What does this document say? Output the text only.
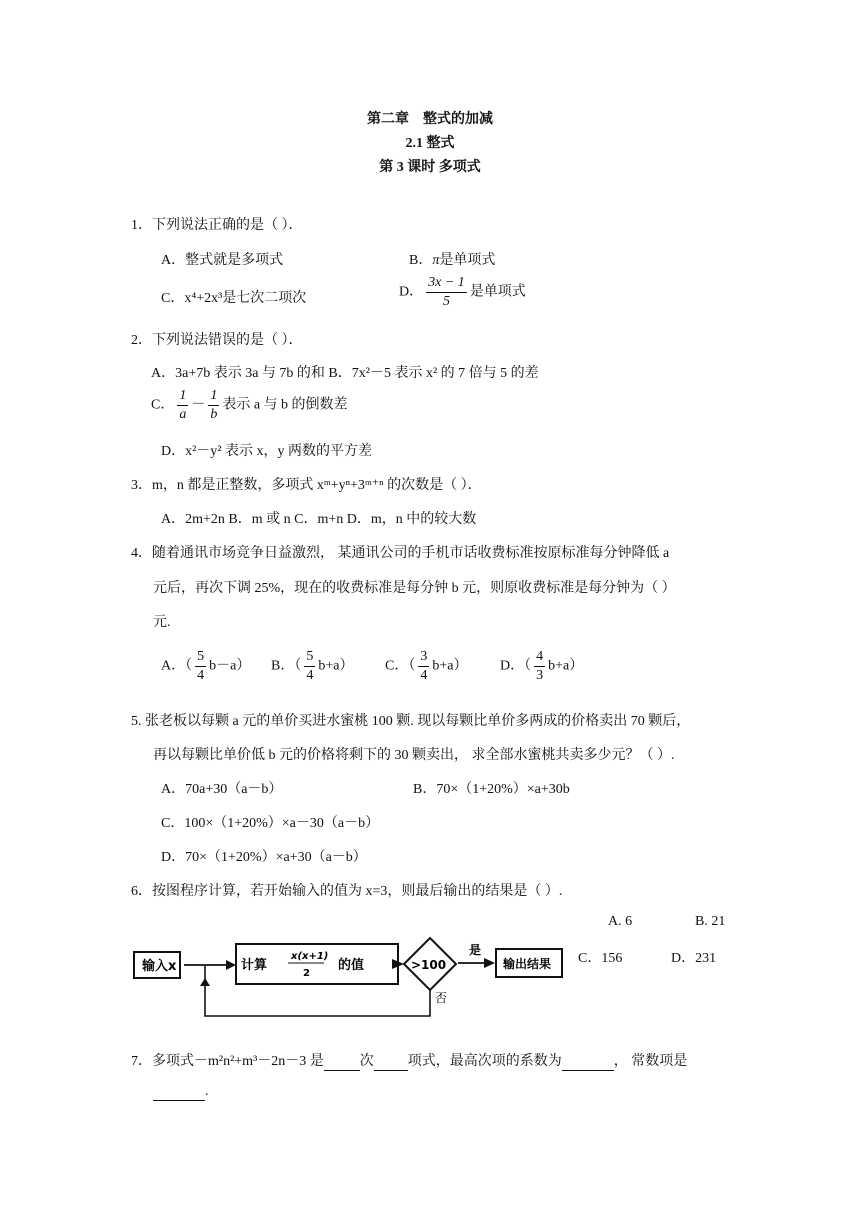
第二章　整式的加减
2.1 整式
第 3 课时 多项式
1．下列说法正确的是（ ）．
A．整式就是多项式	B．π是单项式
C．x⁴+2x³是七次二项次	D． $\frac{3x - 1}{5}$ 是单项式
2．下列说法错误的是（ ）．
A．3a+7b 表示 3a 与 7b 的和 B．7x²－5 表示 x² 的 7 倍与 5 的差
C． $\frac{1}{a} - \frac{1}{b}$ 表示 a 与 b 的倒数差
D．x²－y² 表示 x，y 两数的平方差
3．m，n 都是正整数，多项式 xᵐ+yⁿ+3ᵐ⁺ⁿ 的次数是（ ）．
A．2m+2n B．m 或 n C．m+n D．m，n 中的较大数
4．随着通讯市场竞争日益激烈， 某通讯公司的手机市话收费标准按原标准每分钟降低 a
元后，再次下调 25%，现在的收费标准是每分钟 b 元，则原收费标准是每分钟为（ ）
元.
A．（ $\frac{5}{4} b-a$） B．（ $\frac{5}{4} b+a$） C．（ $\frac{3}{4} b+a$） D．（ $\frac{4}{3} b+a$）
5. 张老板以每颗 a 元的单价买进水蜜桃 100 颗. 现以每颗比单价多两成的价格卖出 70 颗后，
再以每颗比单价低 b 元的价格将剩下的 30 颗卖出， 求全部水蜜桃共卖多少元？（ ）.
A．70a+30（a－b）	B．70×（1+20%）×a+30b
C．100×（1+20%）×a－30（a－b）
D．70×（1+20%）×a+30（a－b）
6．按图程序计算，若开始输入的值为 x=3，则最后输出的结果是（ ）.
A. 6	B. 21
C．156	D．231
输入x	计算
x(x+1)
2
的值	>100
是
否
输出结果
7．多项式－m²n²+m³－2n－3 是	次 项式，最高次项的系数为	， 常数项是
.
